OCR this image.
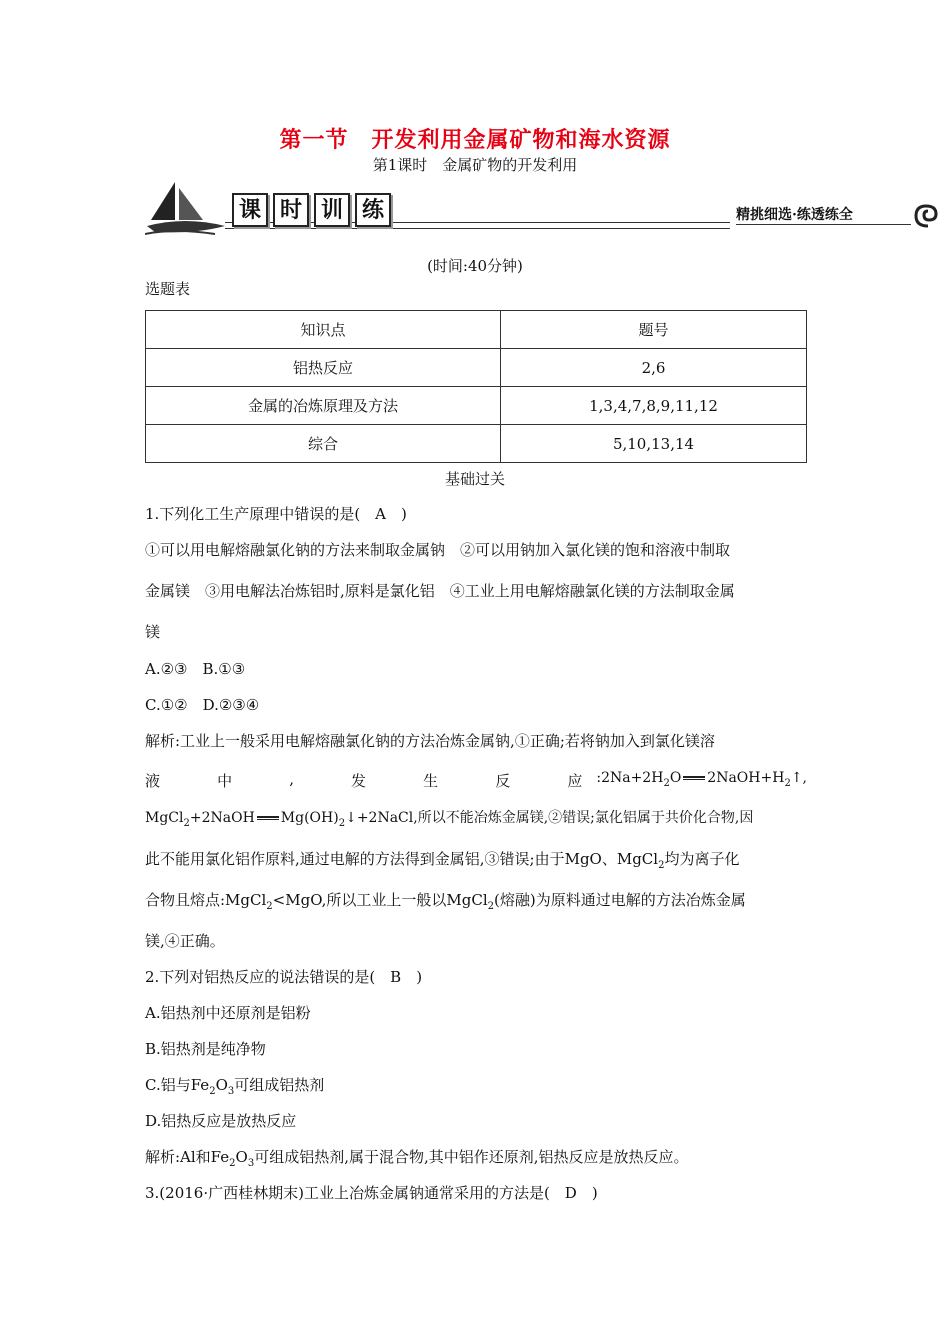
第一节　开发利用金属矿物和海水资源
第1课时　金属矿物的开发利用
课 时 训 练	精挑细选·练透练全
(时间:40分钟)
选题表
知识点	题号
铝热反应	2,6
金属的冶炼原理及方法	1,3,4,7,8,9,11,12
综合	5,10,13,14
基础过关
1.下列化工生产原理中错误的是(　A　)
①可以用电解熔融氯化钠的方法来制取金属钠　②可以用钠加入氯化镁的饱和溶液中制取
金属镁　③用电解法冶炼铝时,原料是氯化铝　④工业上用电解熔融氯化镁的方法制取金属
镁
A.②③　B.①③
C.①②　D.②③④
解析:工业上一般采用电解熔融氯化钠的方法冶炼金属钠,①正确;若将钠加入到氯化镁溶
液	中	,	发	生	反	应 $:2Na+2H_2O$ $2NaOH+H_2↑$,
MgCl$_2$+2NaOH $Mg(OH)_2↓+2NaCl$,所以不能冶炼金属镁,②错误;氯化铝属于共价化合物,因
此不能用氯化铝作原料,通过电解的方法得到金属铝,③错误;由于MgO、MgCl$_2$均为离子化
合物且熔点:MgCl$_2$<MgO,所以工业上一般以MgCl$_2$(熔融)为原料通过电解的方法冶炼金属
镁,④正确。
2.下列对铝热反应的说法错误的是(　B　)
A.铝热剂中还原剂是铝粉
B.铝热剂是纯净物
C.铝与$Fe_2O_3$可组成铝热剂
D.铝热反应是放热反应
解析:Al和$Fe_2O_3$可组成铝热剂,属于混合物,其中铝作还原剂,铝热反应是放热反应。
3.(2016·广西桂林期末)工业上冶炼金属钠通常采用的方法是(　D　)
